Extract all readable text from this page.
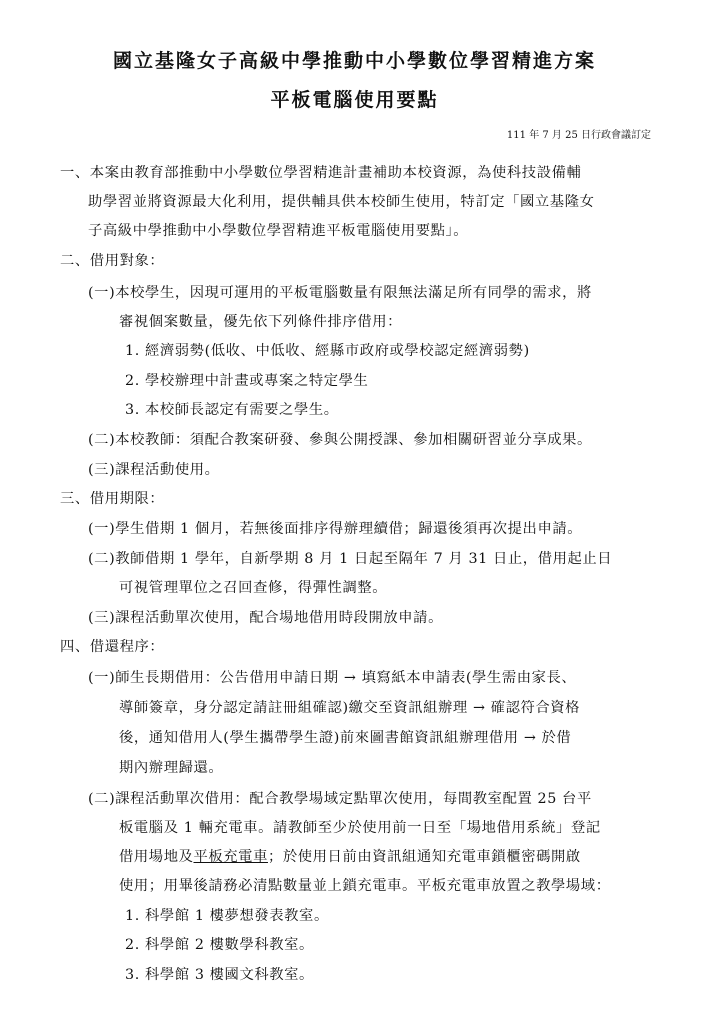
國立基隆女子高級中學推動中小學數位學習精進方案
平板電腦使用要點
111 年 7 月 25 日行政會議訂定
一、本案由教育部推動中小學數位學習精進計畫補助本校資源，為使科技設備輔
助學習並將資源最大化利用，提供輔具供本校師生使用，特訂定「國立基隆女
子高級中學推動中小學數位學習精進平板電腦使用要點」。
二、借用對象：
(一)本校學生，因現可運用的平板電腦數量有限無法滿足所有同學的需求，將
審視個案數量，優先依下列條件排序借用：
1. 經濟弱勢(低收、中低收、經縣市政府或學校認定經濟弱勢)
2. 學校辦理中計畫或專案之特定學生
3. 本校師長認定有需要之學生。
(二)本校教師：須配合教案研發、參與公開授課、參加相關研習並分享成果。
(三)課程活動使用。
三、借用期限：
(一)學生借期 1 個月，若無後面排序得辦理續借；歸還後須再次提出申請。
(二)教師借期 1 學年，自新學期 8 月 1 日起至隔年 7 月 31 日止，借用起止日
可視管理單位之召回查修，得彈性調整。
(三)課程活動單次使用，配合場地借用時段開放申請。
四、借還程序：
(一)師生長期借用：公告借用申請日期 → 填寫紙本申請表(學生需由家長、
導師簽章，身分認定請註冊組確認)繳交至資訊組辦理 → 確認符合資格
後，通知借用人(學生攜帶學生證)前來圖書館資訊組辦理借用 → 於借
期內辦理歸還。
(二)課程活動單次借用：配合教學場域定點單次使用，每間教室配置 25 台平
板電腦及 1 輛充電車。請教師至少於使用前一日至「場地借用系統」登記
借用場地及平板充電車；於使用日前由資訊組通知充電車鎖櫃密碼開啟
使用；用畢後請務必清點數量並上鎖充電車。平板充電車放置之教學場域：
1. 科學館 1 樓夢想發表教室。
2. 科學館 2 樓數學科教室。
3. 科學館 3 樓國文科教室。
